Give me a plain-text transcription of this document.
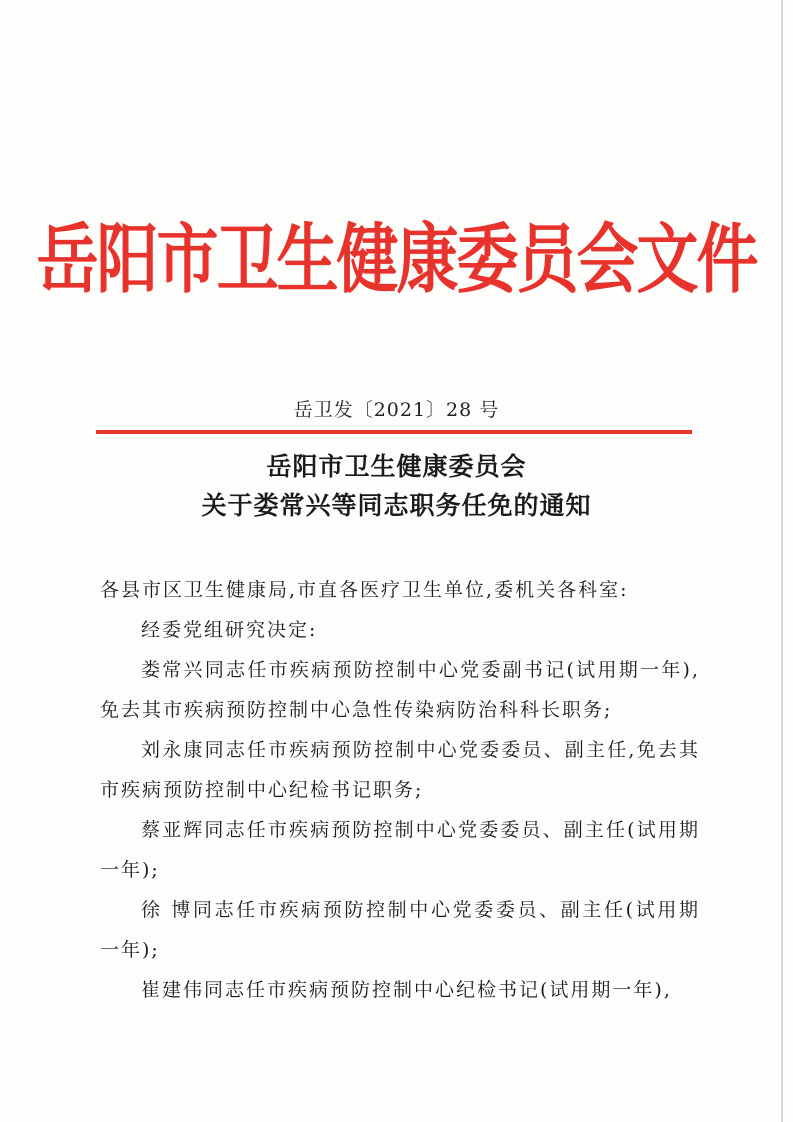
岳阳市卫生健康委员会文件
岳卫发〔2021〕28 号
岳阳市卫生健康委员会
关于娄常兴等同志职务任免的通知

各县市区卫生健康局,市直各医疗卫生单位,委机关各科室:

经委党组研究决定:

娄常兴同志任市疾病预防控制中心党委副书记(试用期一年),免去其市疾病预防控制中心急性传染病防治科科长职务;

刘永康同志任市疾病预防控制中心党委委员、副主任,免去其市疾病预防控制中心纪检书记职务;

蔡亚辉同志任市疾病预防控制中心党委委员、副主任(试用期一年);

徐 博同志任市疾病预防控制中心党委委员、副主任(试用期一年);

崔建伟同志任市疾病预防控制中心纪检书记(试用期一年),
